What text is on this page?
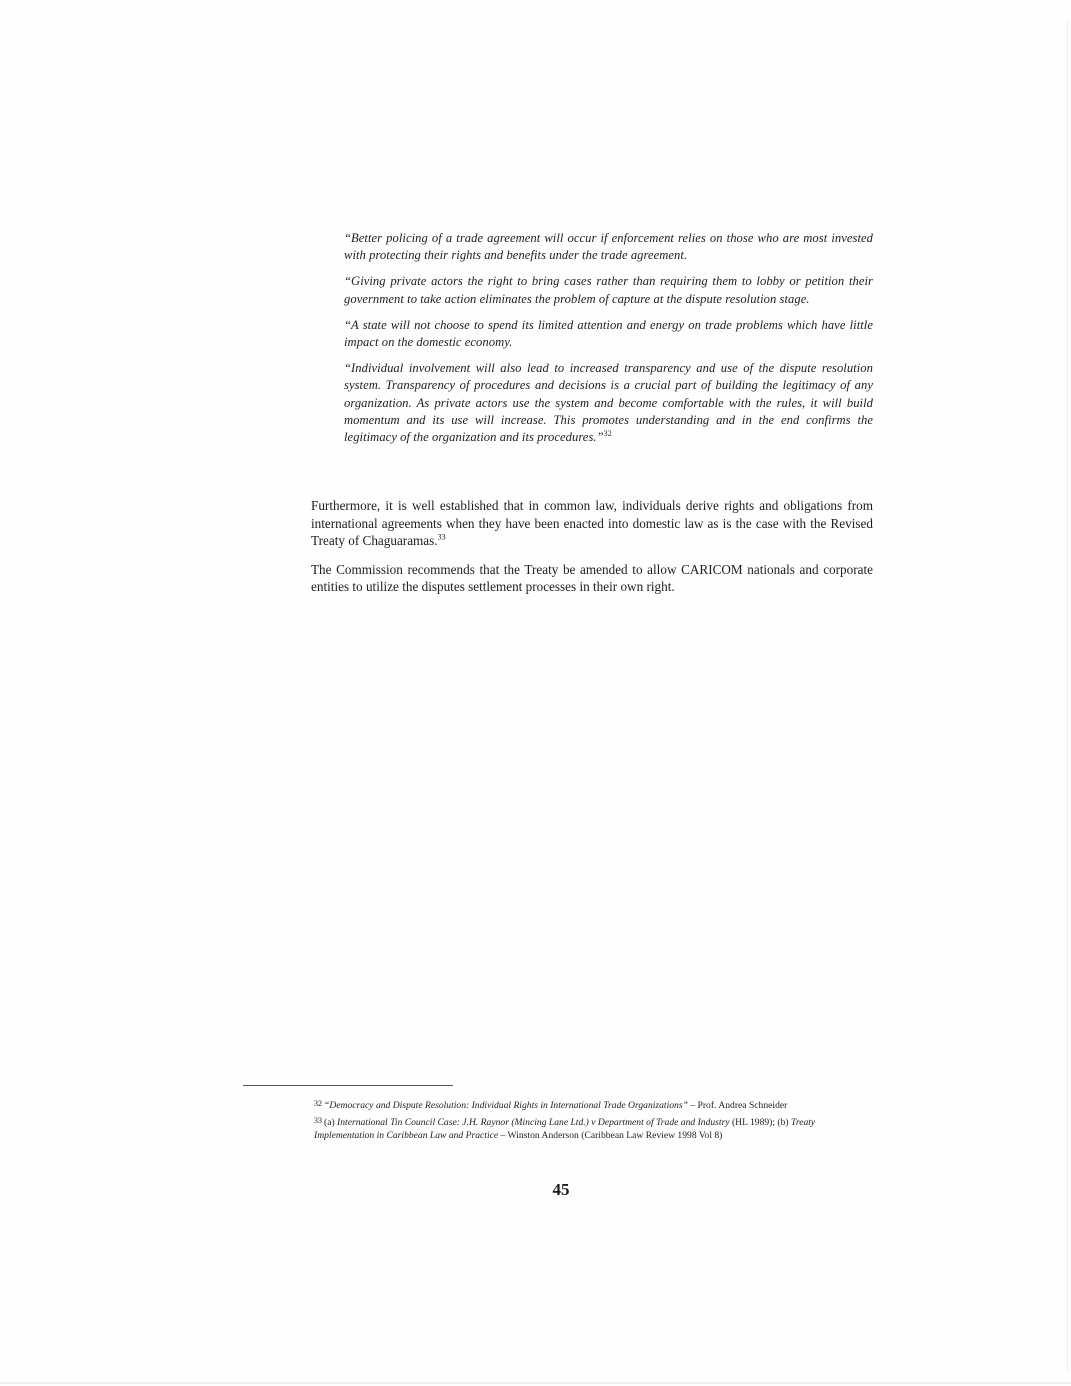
“Better policing of a trade agreement will occur if enforcement relies on those who are most invested with protecting their rights and benefits under the trade agreement.

“Giving private actors the right to bring cases rather than requiring them to lobby or petition their government to take action eliminates the problem of capture at the dispute resolution stage.

“A state will not choose to spend its limited attention and energy on trade problems which have little impact on the domestic economy.

“Individual involvement will also lead to increased transparency and use of the dispute resolution system. Transparency of procedures and decisions is a crucial part of building the legitimacy of any organization. As private actors use the system and become comfortable with the rules, it will build momentum and its use will increase. This promotes understanding and in the end confirms the legitimacy of the organization and its procedures.”$^{32}$

Furthermore, it is well established that in common law, individuals derive rights and obligations from international agreements when they have been enacted into domestic law as is the case with the Revised Treaty of Chaguaramas.$^{33}$

The Commission recommends that the Treaty be amended to allow CARICOM nationals and corporate entities to utilize the disputes settlement processes in their own right.

$^{32}$ “Democracy and Dispute Resolution: Individual Rights in International Trade Organizations” – Prof. Andrea Schneider

$^{33}$ (a) International Tin Council Case: J.H. Raynor (Mincing Lane Ltd.) v Department of Trade and Industry (HL 1989); (b) Treaty Implementation in Caribbean Law and Practice – Winston Anderson (Caribbean Law Review 1998 Vol 8)

45
